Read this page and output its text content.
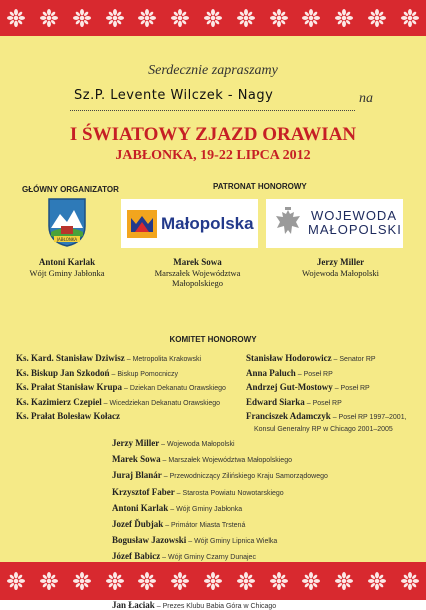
Serdecznie zapraszamy
Sz.P. Levente Wilczek - Nagy	na
I ŚWIATOWY ZJAZD ORAWIAN
JABŁONKA, 19-22 LIPCA 2012
GŁÓWNY ORGANIZATOR
JABŁONKA
Antoni Karlak
Wójt Gminy Jabłonka
PATRONAT HONOROWY
Małopolska	WOJEWODA
MAŁOPOLSKI
Marek Sowa
Marszałek Województwa
Małopolskiego
Jerzy Miller
Wojewoda Małopolski
KOMITET HONOROWY
Ks. Kard. Stanisław Dziwisz – Metropolita Krakowski
Ks. Biskup Jan Szkodoń – Biskup Pomocniczy
Ks. Prałat Stanisław Krupa – Dziekan Dekanatu Orawskiego
Ks. Kazimierz Czepiel – Wicedziekan Dekanatu Orawskiego
Ks. Prałat Bolesław Kołacz
Stanisław Hodorowicz – Senator RP
Anna Paluch – Poseł RP
Andrzej Gut-Mostowy – Poseł RP
Edward Siarka – Poseł RP
Franciszek Adamczyk – Poseł RP 1997–2001,
Konsul Generalny RP w Chicago 2001–2005
Jerzy Miller – Wojewoda Małopolski
Marek Sowa – Marszałek Województwa Małopolskiego
Juraj Blanár – Przewodniczący Zilińskiego Kraju Samorządowego
Krzysztof Faber – Starosta Powiatu Nowotarskiego
Antoni Karlak – Wójt Gminy Jabłonka
Jozef Ďubjak – Primátor Miasta Trstená
Bogusław Jazowski – Wójt Gminy Lipnica Wielka
Józef Babicz – Wójt Gminy Czarny Dunajec
Jan Łaciak – Prezes Klubu Babia Góra w Chicago
